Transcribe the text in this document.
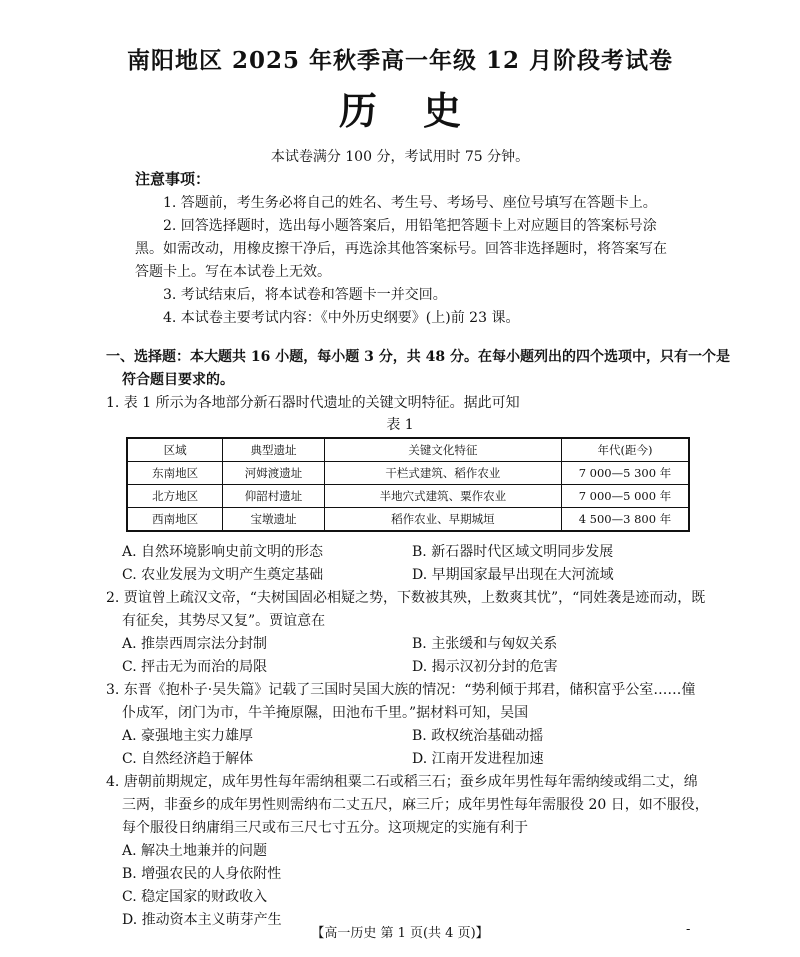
南阳地区 2025 年秋季高一年级 12 月阶段考试卷
历史
本试卷满分 100 分，考试用时 75 分钟。
注意事项：
1. 答题前，考生务必将自己的姓名、考生号、考场号、座位号填写在答题卡上。
2. 回答选择题时，选出每小题答案后，用铅笔把答题卡上对应题目的答案标号涂
黑。如需改动，用橡皮擦干净后，再选涂其他答案标号。回答非选择题时，将答案写在
答题卡上。写在本试卷上无效。
3. 考试结束后，将本试卷和答题卡一并交回。
4. 本试卷主要考试内容：《中外历史纲要》(上)前 23 课。
一、选择题：本大题共 16 小题，每小题 3 分，共 48 分。在每小题列出的四个选项中，只有一个是
符合题目要求的。
1. 表 1 所示为各地部分新石器时代遗址的关键文明特征。据此可知
表 1
区域	典型遗址	关键文化特征	年代(距今)
东南地区	河姆渡遗址	干栏式建筑、稻作农业	7 000—5 300 年
北方地区	仰韶村遗址	半地穴式建筑、粟作农业	7 000—5 000 年
西南地区	宝墩遗址	稻作农业、早期城垣	4 500—3 800 年
A. 自然环境影响史前文明的形态	B. 新石器时代区域文明同步发展
C. 农业发展为文明产生奠定基础	D. 早期国家最早出现在大河流域
2. 贾谊曾上疏汉文帝，“夫树国固必相疑之势，下数被其殃，上数爽其忧”，“同姓袭是迹而动，既
有征矣，其势尽又复”。贾谊意在
A. 推崇西周宗法分封制	B. 主张缓和与匈奴关系
C. 抨击无为而治的局限	D. 揭示汉初分封的危害
3. 东晋《抱朴子·吴失篇》记载了三国时吴国大族的情况：“势利倾于邦君，储积富乎公室……僮
仆成军，闭门为市，牛羊掩原隰，田池布千里。”据材料可知，吴国
A. 豪强地主实力雄厚	B. 政权统治基础动摇
C. 自然经济趋于解体	D. 江南开发进程加速
4. 唐朝前期规定，成年男性每年需纳租粟二石或稻三石；蚕乡成年男性每年需纳绫或绢二丈，绵
三两，非蚕乡的成年男性则需纳布二丈五尺，麻三斤；成年男性每年需服役 20 日，如不服役，
每个服役日纳庸绢三尺或布三尺七寸五分。这项规定的实施有利于
A. 解决土地兼并的问题
B. 增强农民的人身依附性
C. 稳定国家的财政收入
D. 推动资本主义萌芽产生
【高一历史 第 1 页(共 4 页)】	-
